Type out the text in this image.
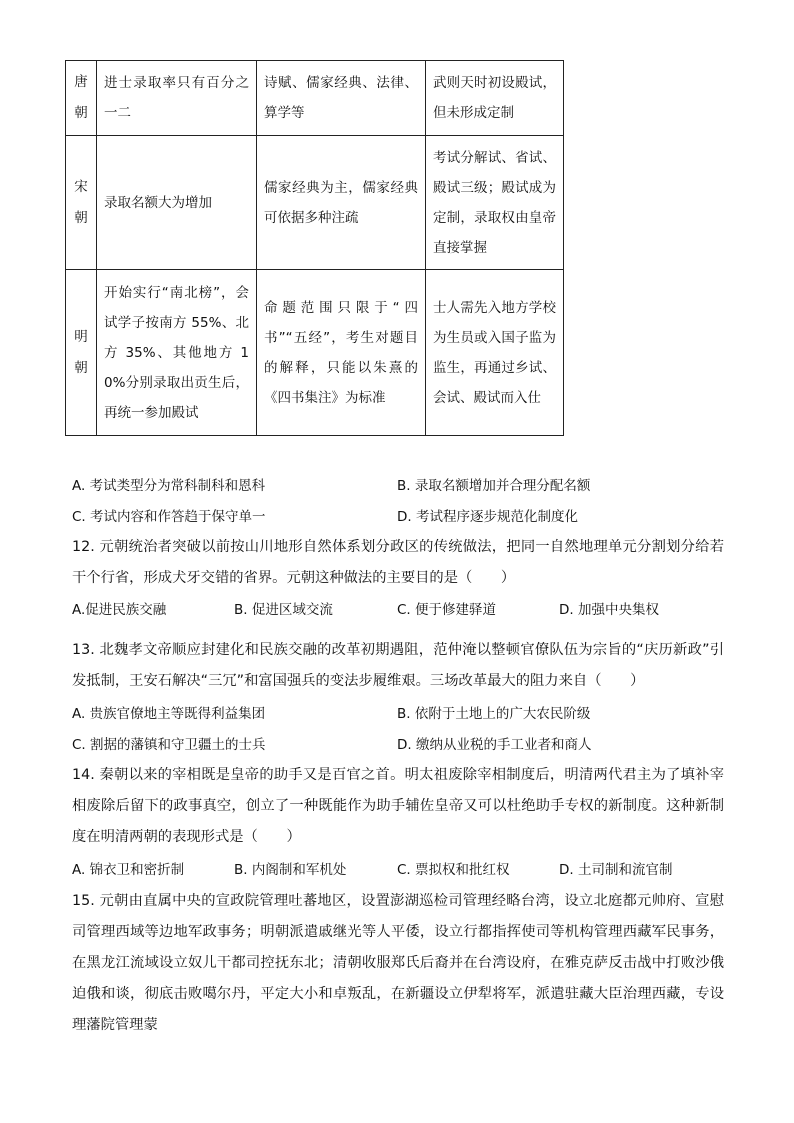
唐朝	进士录取率只有百分之一二	诗赋、儒家经典、法律、算学等	武则天时初设殿试，但未形成定制
宋朝	录取名额大为增加	儒家经典为主，儒家经典可依据多种注疏	考试分解试、省试、殿试三级；殿试成为定制，录取权由皇帝直接掌握
明朝	开始实行“南北榜”，会试学子按南方 55%、北方 35%、其他地方 10%分别录取出贡生后，再统一参加殿试	命题范围只限于“四书”“五经”，考生对题目的解释，只能以朱熹的《四书集注》为标准	士人需先入地方学校为生员或入国子监为监生，再通过乡试、会试、殿试而入仕
A. 考试类型分为常科制科和恩科	B. 录取名额增加并合理分配名额
C. 考试内容和作答趋于保守单一	D. 考试程序逐步规范化制度化
12. 元朝统治者突破以前按山川地形自然体系划分政区的传统做法，把同一自然地理单元分割划分给若干个行省，形成犬牙交错的省界。元朝这种做法的主要目的是（　　）
A.促进民族交融	B. 促进区域交流	C. 便于修建驿道	D. 加强中央集权
13. 北魏孝文帝顺应封建化和民族交融的改革初期遇阻，范仲淹以整顿官僚队伍为宗旨的“庆历新政”引发抵制，王安石解决“三冗”和富国强兵的变法步履维艰。三场改革最大的阻力来自（　　）
A. 贵族官僚地主等既得利益集团	B. 依附于土地上的广大农民阶级
C. 割据的藩镇和守卫疆土的士兵	D. 缴纳从业税的手工业者和商人
14. 秦朝以来的宰相既是皇帝的助手又是百官之首。明太祖废除宰相制度后，明清两代君主为了填补宰相废除后留下的政事真空，创立了一种既能作为助手辅佐皇帝又可以杜绝助手专权的新制度。这种新制度在明清两朝的表现形式是（　　）
A. 锦衣卫和密折制	B. 内阁制和军机处	C. 票拟权和批红权	D. 土司制和流官制
15. 元朝由直属中央的宣政院管理吐蕃地区，设置澎湖巡检司管理经略台湾，设立北庭都元帅府、宣慰司管理西域等边地军政事务；明朝派遣戚继光等人平倭，设立行都指挥使司等机构管理西藏军民事务，在黑龙江流域设立奴儿干都司控抚东北；清朝收服郑氏后裔并在台湾设府，在雅克萨反击战中打败沙俄迫俄和谈，彻底击败噶尔丹，平定大小和卓叛乱，在新疆设立伊犁将军，派遣驻藏大臣治理西藏，专设理藩院管理蒙
